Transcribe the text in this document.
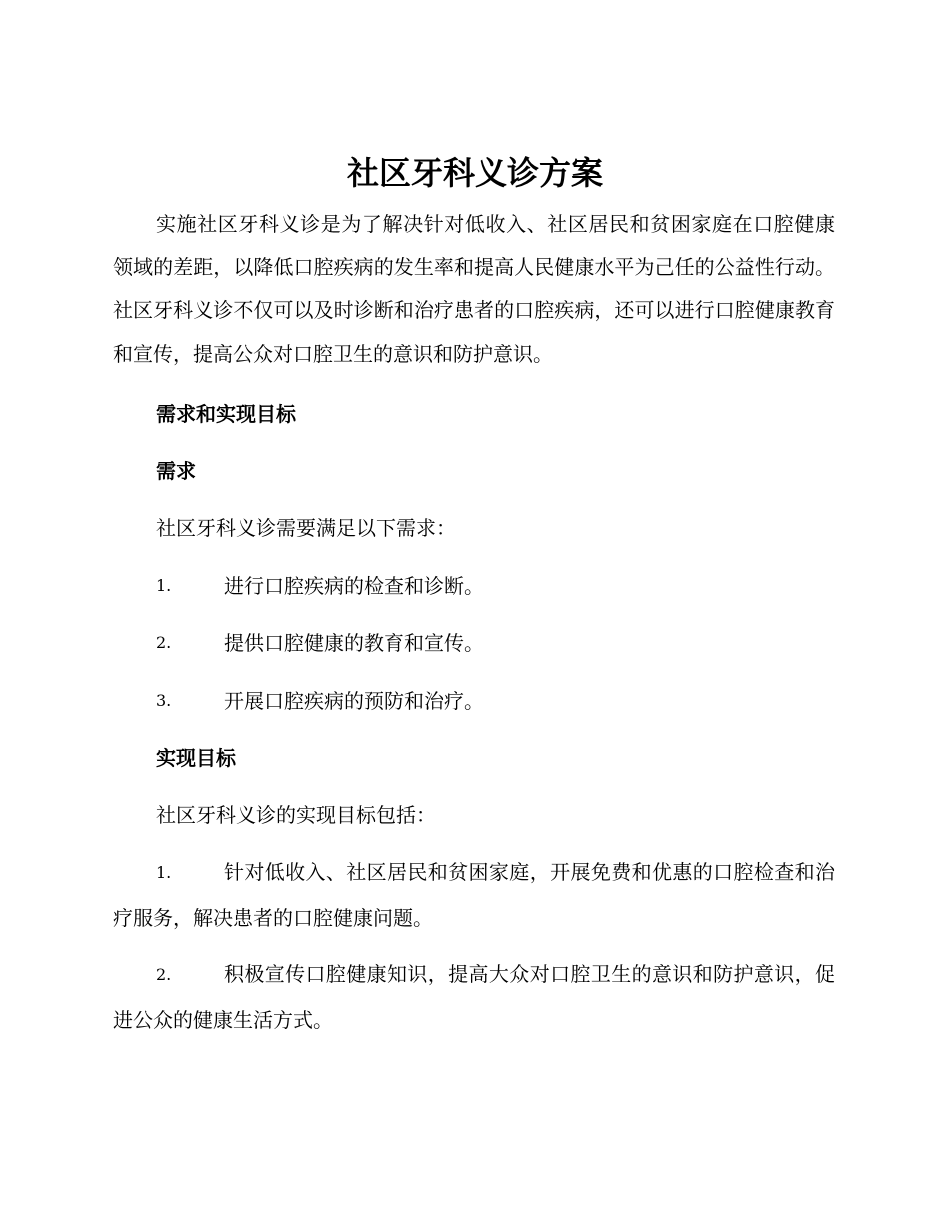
社区牙科义诊方案

实施社区牙科义诊是为了解决针对低收入、社区居民和贫困家庭在口腔健康领域的差距，以降低口腔疾病的发生率和提高人民健康水平为己任的公益性行动。社区牙科义诊不仅可以及时诊断和治疗患者的口腔疾病，还可以进行口腔健康教育和宣传，提高公众对口腔卫生的意识和防护意识。

需求和实现目标

需求

社区牙科义诊需要满足以下需求：

1.	进行口腔疾病的检查和诊断。
2.	提供口腔健康的教育和宣传。
3.	开展口腔疾病的预防和治疗。

实现目标

社区牙科义诊的实现目标包括：

1.	针对低收入、社区居民和贫困家庭，开展免费和优惠的口腔检查和治疗服务，解决患者的口腔健康问题。

2.	积极宣传口腔健康知识，提高大众对口腔卫生的意识和防护意识，促进公众的健康生活方式。
